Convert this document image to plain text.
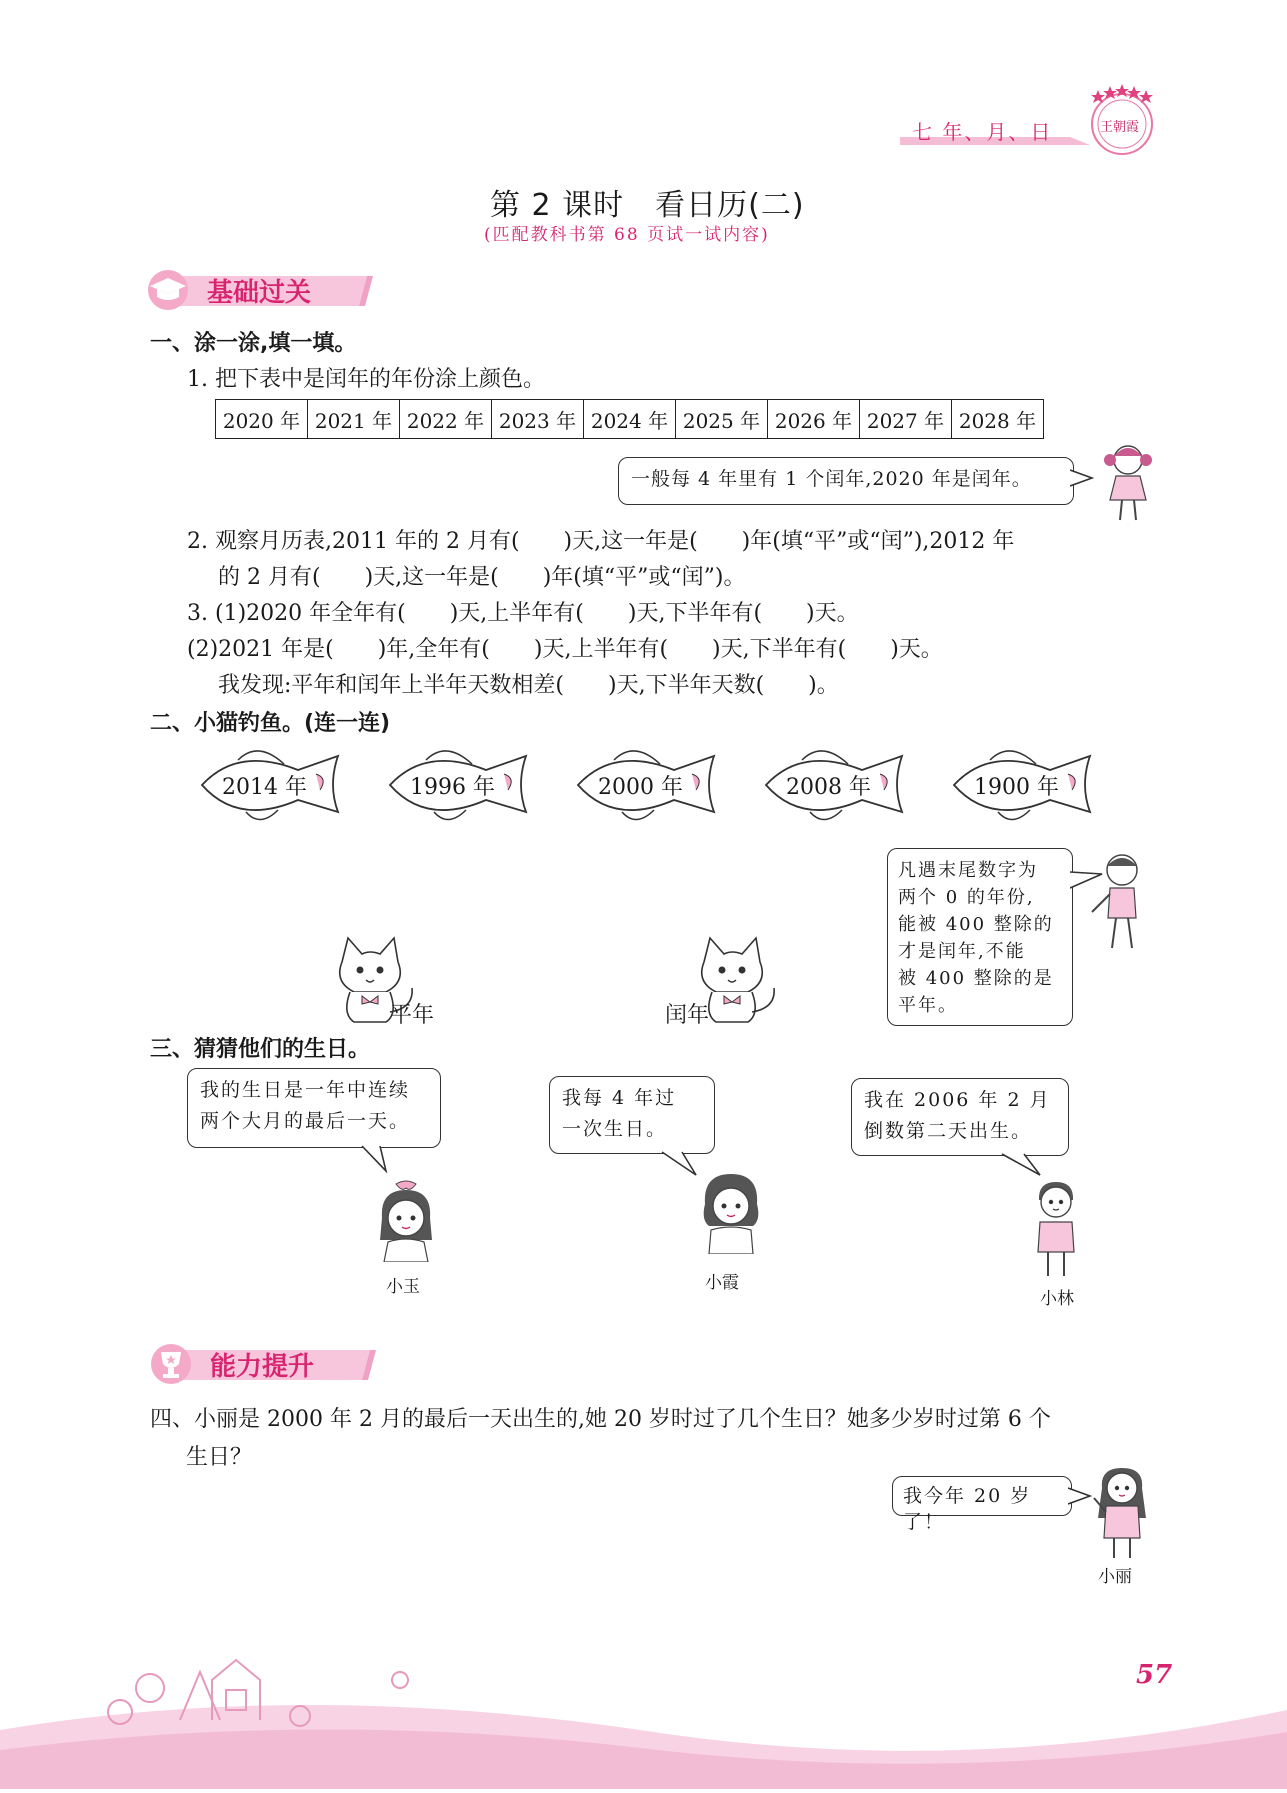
七 年、月、日	王朝霞
第 2 课时　看日历(二)
(匹配教科书第 68 页试一试内容)
基础过关
一、涂一涂,填一填。
1. 把下表中是闰年的年份涂上颜色。
2020 年	2021 年	2022 年	2023 年	2024 年	2025 年	2026 年	2027 年	2028 年
一般每 4 年里有 1 个闰年,2020 年是闰年。
2. 观察月历表,2011 年的 2 月有(　　)天,这一年是(　　)年(填“平”或“闰”),2012 年
的 2 月有(　　)天,这一年是(　　)年(填“平”或“闰”)。
3. (1)2020 年全年有(　　)天,上半年有(　　)天,下半年有(　　)天。
(2)2021 年是(　　)年,全年有(　　)天,上半年有(　　)天,下半年有(　　)天。
我发现:平年和闰年上半年天数相差(　　)天,下半年天数(　　)。
二、小猫钓鱼。(连一连)
2014 年	1996 年	2000 年	2008 年	1900 年
凡遇末尾数字为
两个 0 的年份,
能被 400 整除的
才是闰年,不能
被 400 整除的是
平年。
平年	闰年
三、猜猜他们的生日。
我的生日是一年中连续
两个大月的最后一天。
我每 4 年过
一次生日。
我在 2006 年 2 月
倒数第二天出生。
小玉	小霞
小林
能力提升
四、小丽是 2000 年 2 月的最后一天出生的,她 20 岁时过了几个生日？她多少岁时过第 6 个
生日？
我今年 20 岁了！
小丽
57
